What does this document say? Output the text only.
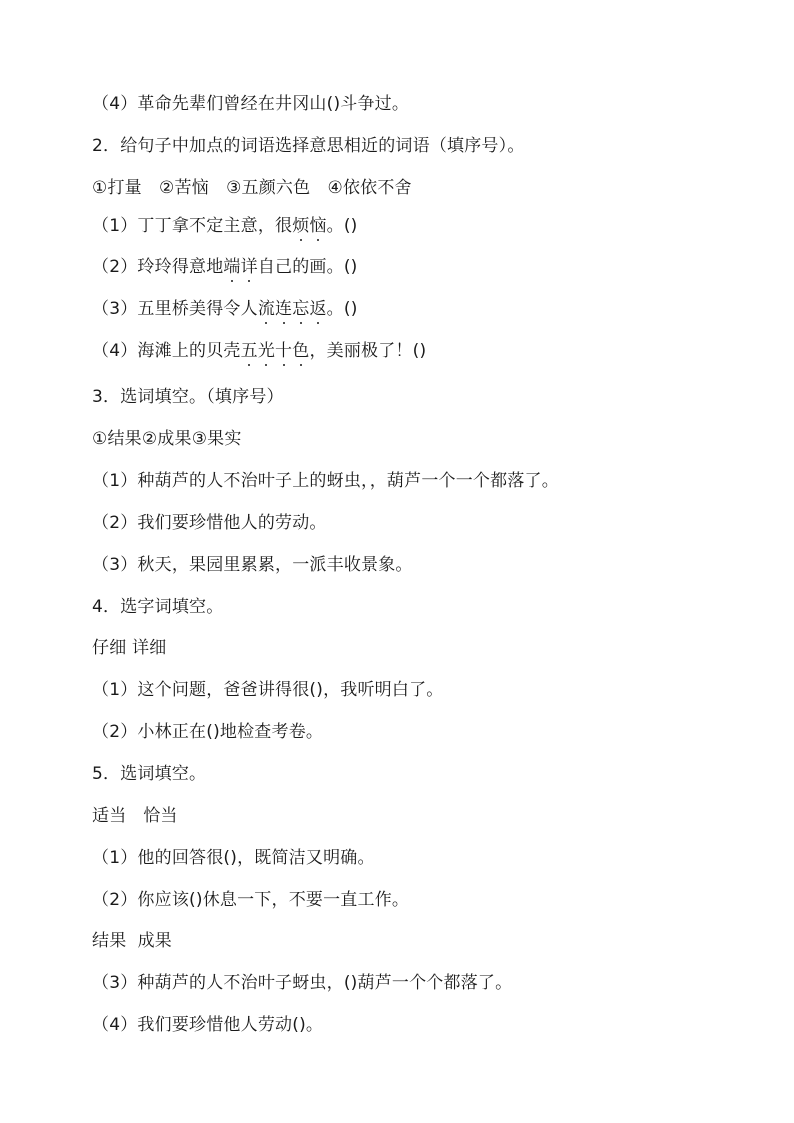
（4）革命先辈们曾经在井冈山()斗争过。
2．给句子中加点的词语选择意思相近的词语（填序号）。
①打量　②苦恼　③五颜六色　④依依不舍
（1）丁丁拿不定主意，很烦恼。()
（2）玲玲得意地端详自己的画。()
（3）五里桥美得令人流连忘返。()
（4）海滩上的贝壳五光十色，美丽极了！()
3．选词填空。（填序号）
①结果②成果③果实
（1）种葫芦的人不治叶子上的蚜虫，，葫芦一个一个都落了。
（2）我们要珍惜他人的劳动。
（3）秋天，果园里累累，一派丰收景象。
4．选字词填空。
仔细 详细
（1）这个问题，爸爸讲得很()，我听明白了。
（2）小林正在()地检查考卷。
5．选词填空。
适当   恰当
（1）他的回答很()，既简洁又明确。
（2）你应该()休息一下，不要一直工作。
结果  成果
（3）种葫芦的人不治叶子蚜虫，()葫芦一个个都落了。
（4）我们要珍惜他人劳动()。
